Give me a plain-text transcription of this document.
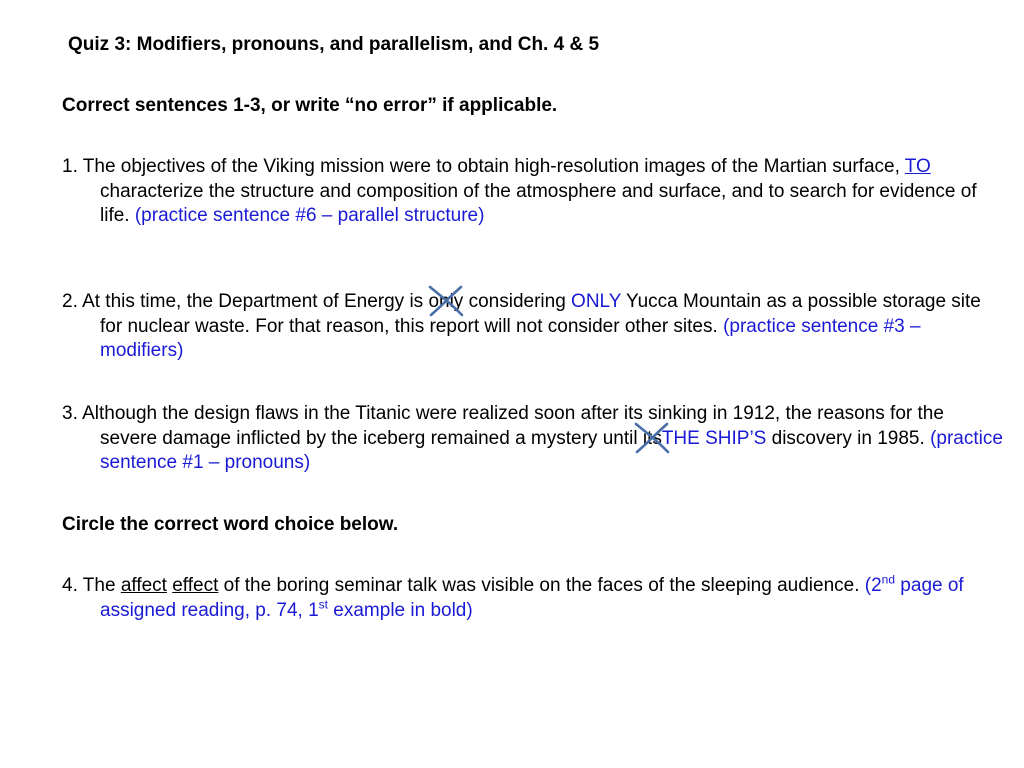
Quiz 3: Modifiers, pronouns, and parallelism, and Ch. 4 & 5
Correct sentences 1-3, or write “no error” if applicable.
1. The objectives of the Viking mission were to obtain high-resolution images of the Martian surface, TO characterize the structure and composition of the atmosphere and surface, and to search for evidence of life. (practice sentence #6 – parallel structure)
2. At this time, the Department of Energy is only
considering ONLY Yucca Mountain as a possible storage site for nuclear waste. For that reason, this report will not consider other sites. (practice sentence #3 – modifiers)
3. Although the design flaws in the Titanic were realized soon after its sinking in 1912, the reasons for the severe damage inflicted by the iceberg remained a mystery until its
THE SHIP’S discovery in 1985. (practice sentence #1 – pronouns)
Circle the correct word choice below.
4. The affect effect of the boring seminar talk was visible on the faces of the sleeping audience. (2nd page of assigned reading, p. 74, 1st example in bold)
